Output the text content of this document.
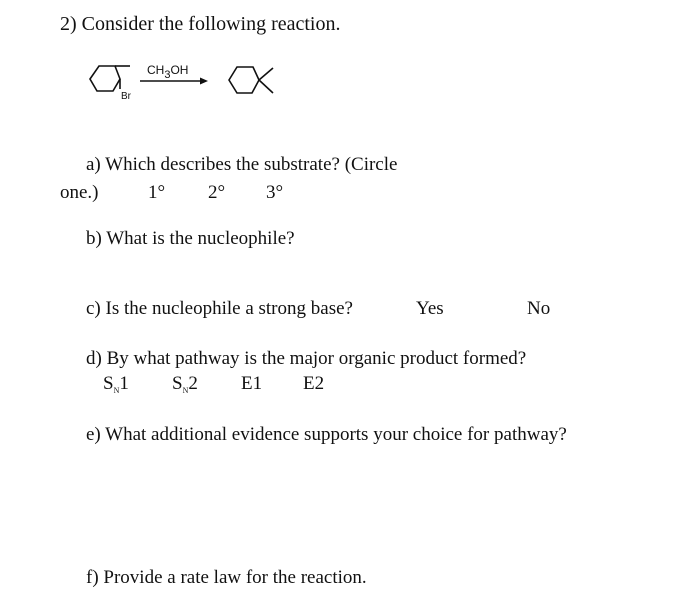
2) Consider the following reaction.
Br
CH3OH
a) Which describes the substrate? (Circle
one.)	1° 2° 3°
b) What is the nucleophile?
c) Is the nucleophile a strong base?	Yes	No
d) By what pathway is the major organic product formed?
$S_N1$ $S_N2$ E1 E2
e) What additional evidence supports your choice for pathway?
f) Provide a rate law for the reaction.
